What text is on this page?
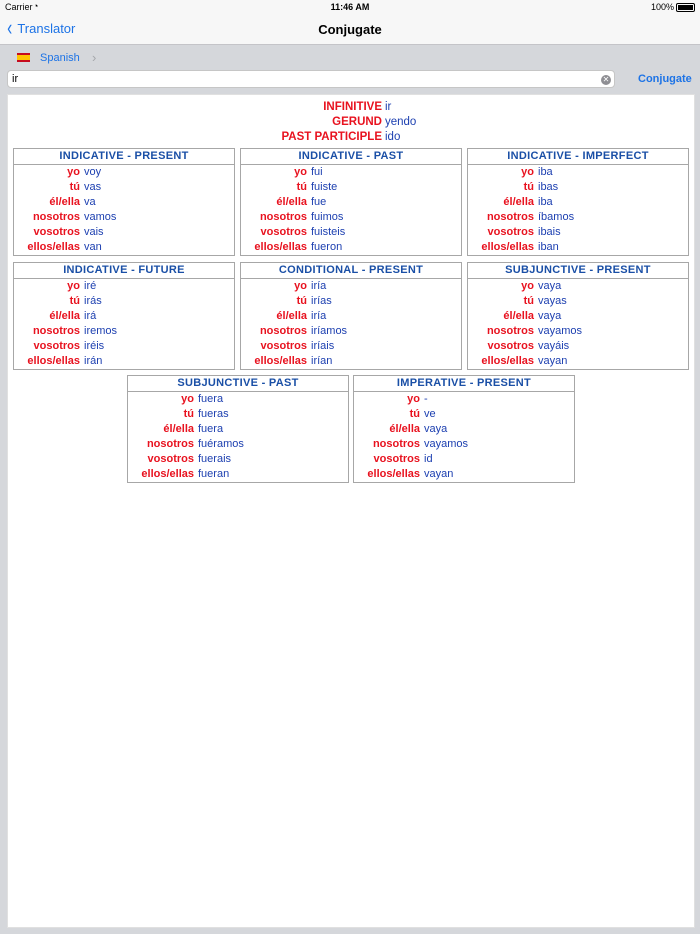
Carrier ◔	11:46 AM	100%
‹ Translator	Conjugate
Spanish ›
ir
✕	Conjugate
INFINITIVE ir
GERUND yendo
PAST PARTICIPLE ido
INDICATIVE - PRESENT
yo voy
tú vas
él/ella va
nosotros vamos
vosotros vais
ellos/ellas van
INDICATIVE - PAST
yo fui
tú fuiste
él/ella fue
nosotros fuimos
vosotros fuisteis
ellos/ellas fueron
INDICATIVE - IMPERFECT
yo iba
tú ibas
él/ella iba
nosotros íbamos
vosotros ibais
ellos/ellas iban
INDICATIVE - FUTURE
yo iré
tú irás
él/ella irá
nosotros iremos
vosotros iréis
ellos/ellas irán
CONDITIONAL - PRESENT
yo iría
tú irías
él/ella iría
nosotros iríamos
vosotros iríais
ellos/ellas irían
SUBJUNCTIVE - PRESENT
yo vaya
tú vayas
él/ella vaya
nosotros vayamos
vosotros vayáis
ellos/ellas vayan
SUBJUNCTIVE - PAST
yo fuera
tú fueras
él/ella fuera
nosotros fuéramos
vosotros fuerais
ellos/ellas fueran
IMPERATIVE - PRESENT
yo -
tú ve
él/ella vaya
nosotros vayamos
vosotros id
ellos/ellas vayan
